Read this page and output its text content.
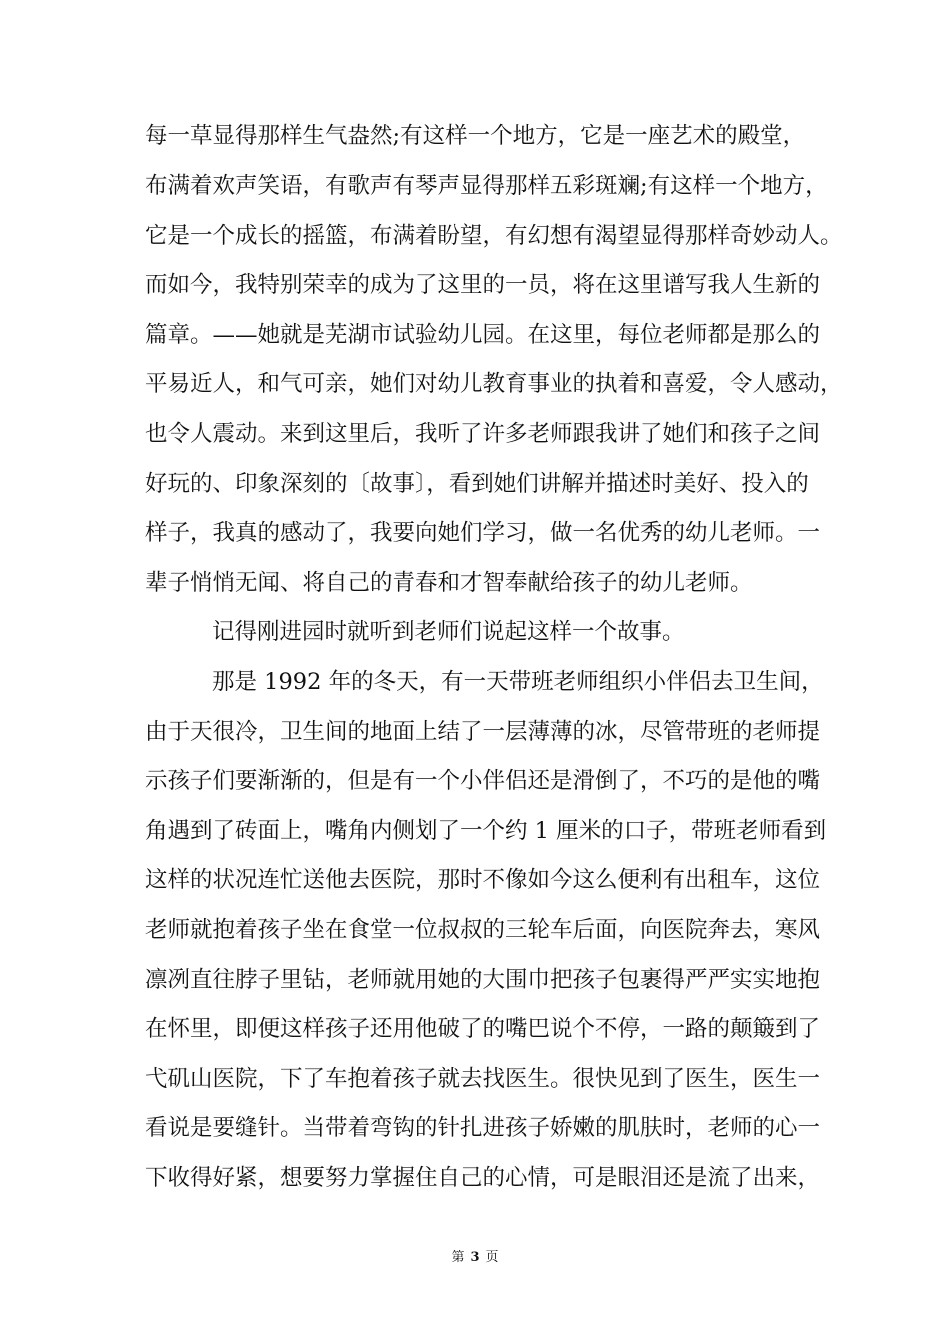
每一草显得那样生气盎然;有这样一个地方，它是一座艺术的殿堂，
布满着欢声笑语，有歌声有琴声显得那样五彩斑斓;有这样一个地方，
它是一个成长的摇篮，布满着盼望，有幻想有渴望显得那样奇妙动人。
而如今，我特别荣幸的成为了这里的一员，将在这里谱写我人生新的
篇章。——她就是芜湖市试验幼儿园。在这里，每位老师都是那么的
平易近人，和气可亲，她们对幼儿教育事业的执着和喜爱，令人感动，
也令人震动。来到这里后，我听了许多老师跟我讲了她们和孩子之间
好玩的、印象深刻的〔故事〕，看到她们讲解并描述时美好、投入的
样子，我真的感动了，我要向她们学习，做一名优秀的幼儿老师。一
辈子悄悄无闻、将自己的青春和才智奉献给孩子的幼儿老师。
记得刚进园时就听到老师们说起这样一个故事。
那是 1992 年的冬天，有一天带班老师组织小伴侣去卫生间，
由于天很冷，卫生间的地面上结了一层薄薄的冰，尽管带班的老师提
示孩子们要渐渐的，但是有一个小伴侣还是滑倒了，不巧的是他的嘴
角遇到了砖面上，嘴角内侧划了一个约 1 厘米的口子，带班老师看到
这样的状况连忙送他去医院，那时不像如今这么便利有出租车，这位
老师就抱着孩子坐在食堂一位叔叔的三轮车后面，向医院奔去，寒风
凛冽直往脖子里钻，老师就用她的大围巾把孩子包裹得严严实实地抱
在怀里，即便这样孩子还用他破了的嘴巴说个不停，一路的颠簸到了
弋矶山医院，下了车抱着孩子就去找医生。很快见到了医生，医生一
看说是要缝针。当带着弯钩的针扎进孩子娇嫩的肌肤时，老师的心一
下收得好紧，想要努力掌握住自己的心情，可是眼泪还是流了出来，
第 3 页
